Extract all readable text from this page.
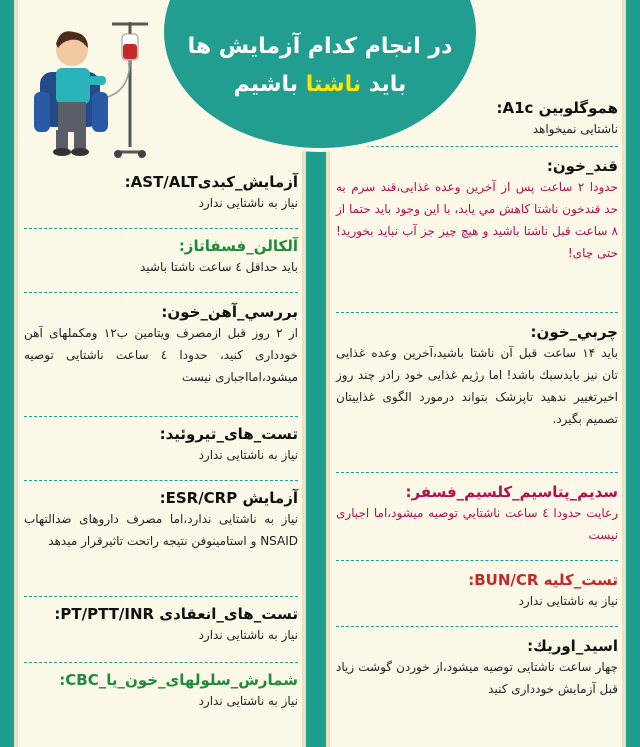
در انجام کدام آزمایش ها
باید ناشتا باشیم
هموگلوبین A1c:
ناشتایی نمیخواهد
قند_خون:
حدودا ۲ ساعت پس از آخرین وعده غذایی،قند سرم به حد قندخون ناشتا کاهش مي يابد، با این وجود باید حتما از ۸ ساعت قبل ناشتا باشید و هیچ چیز جز آب نباید بخورید! حتی چای!
چربي_خون:
باید ۱۴ ساعت قبل آن ناشتا باشید،آخرين وعده غذایی تان نیز بایدسبك باشد! اما رژیم غذایی خود رادر چند روز اخیرتغییر ندهید تاپزشک بتواند درمورد الگوی غذاییتان تصمیم بگیرد.
سديم_پتاسيم_كلسيم_فسفر:
رعایت حدودا ٤ ساعت ناشتايي توصيه ميشود،اما اجباری نیست
تست_کلیه BUN/CR:
نیاز به ناشتایی ندارد
اسيد_اوريك:
چهار ساعت ناشتایی توصیه میشود،از خوردن گوشت زیاد قبل آزمایش خودداری کنید
آزمایش_کبدیAST/ALT:
نیاز به ناشتایی ندارد
آلکالن_فسفاتاز:
باید حداقل ٤ ساعت ناشتا باشید
بررسي_آهن_خون:
از ۲ روز قبل ازمصرف ویتامین ب۱۲ ومکملهای آهن خودداری کنید، حدودا ٤ ساعت ناشتایی توصیه میشود،امااجباری نیست
تست_های_تیروئید:
نیاز به ناشتایی ندارد
آزمایش ESR/CRP:
نیاز به ناشتایی ندارد،اما مصرف داروهای ضدالتهاب NSAID و استامینوفن نتیجه راتحت تاثیرقرار میدهد
تست_های_انعقادی PT/PTT/INR:
نیاز به ناشتایی ندارد
شمارش_سلولهای_خون_یا_CBC:
نیاز به ناشتایی ندارد
